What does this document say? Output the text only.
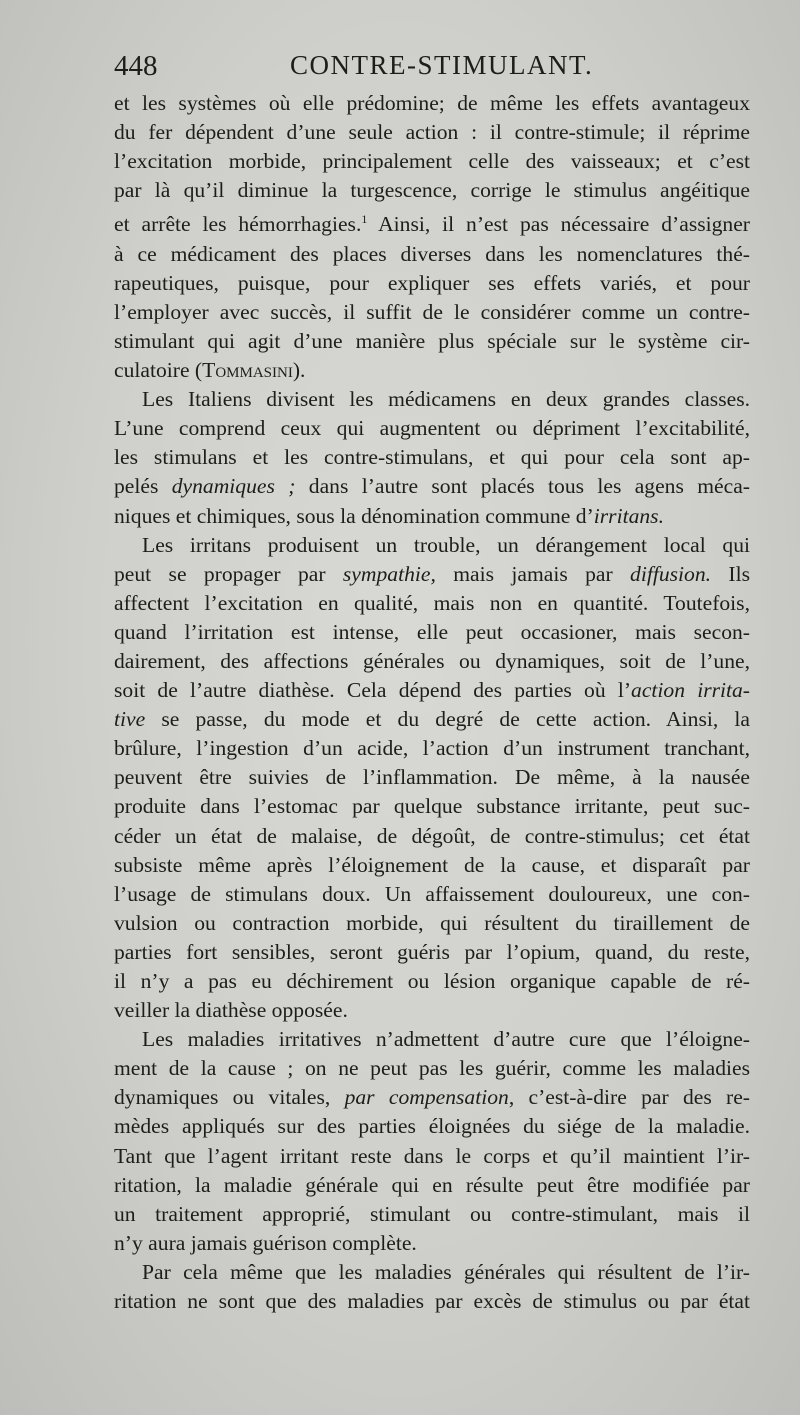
448	CONTRE-STIMULANT.

et les systèmes où elle prédomine; de même les effets avantageux
du fer dépendent d’une seule action : il contre-stimule; il réprime
l’excitation morbide, principalement celle des vaisseaux; et c’est
par là qu’il diminue la turgescence, corrige le stimulus angéitique
et arrête les hémorrhagies.$^1$ Ainsi, il n’est pas nécessaire d’assigner
à ce médicament des places diverses dans les nomenclatures thé-
rapeutiques, puisque, pour expliquer ses effets variés, et pour
l’employer avec succès, il suffit de le considérer comme un contre-
stimulant qui agit d’une manière plus spéciale sur le système cir-
culatoire (Tommasini).

Les Italiens divisent les médicamens en deux grandes classes.
L’une comprend ceux qui augmentent ou dépriment l’excitabilité,
les stimulans et les contre-stimulans, et qui pour cela sont ap-
pelés dynamiques ; dans l’autre sont placés tous les agens méca-
niques et chimiques, sous la dénomination commune d’irritans.

Les irritans produisent un trouble, un dérangement local qui
peut se propager par sympathie, mais jamais par diffusion. Ils
affectent l’excitation en qualité, mais non en quantité. Toutefois,
quand l’irritation est intense, elle peut occasioner, mais secon-
dairement, des affections générales ou dynamiques, soit de l’une,
soit de l’autre diathèse. Cela dépend des parties où l’action irrita-
tive se passe, du mode et du degré de cette action. Ainsi, la
brûlure, l’ingestion d’un acide, l’action d’un instrument tranchant,
peuvent être suivies de l’inflammation. De même, à la nausée
produite dans l’estomac par quelque substance irritante, peut suc-
céder un état de malaise, de dégoût, de contre-stimulus; cet état
subsiste même après l’éloignement de la cause, et disparaît par
l’usage de stimulans doux. Un affaissement douloureux, une con-
vulsion ou contraction morbide, qui résultent du tiraillement de
parties fort sensibles, seront guéris par l’opium, quand, du reste,
il n’y a pas eu déchirement ou lésion organique capable de ré-
veiller la diathèse opposée.

Les maladies irritatives n’admettent d’autre cure que l’éloigne-
ment de la cause ; on ne peut pas les guérir, comme les maladies
dynamiques ou vitales, par compensation, c’est-à-dire par des re-
mèdes appliqués sur des parties éloignées du siége de la maladie.
Tant que l’agent irritant reste dans le corps et qu’il maintient l’ir-
ritation, la maladie générale qui en résulte peut être modifiée par
un traitement approprié, stimulant ou contre-stimulant, mais il
n’y aura jamais guérison complète.

Par cela même que les maladies générales qui résultent de l’ir-
ritation ne sont que des maladies par excès de stimulus ou par état
